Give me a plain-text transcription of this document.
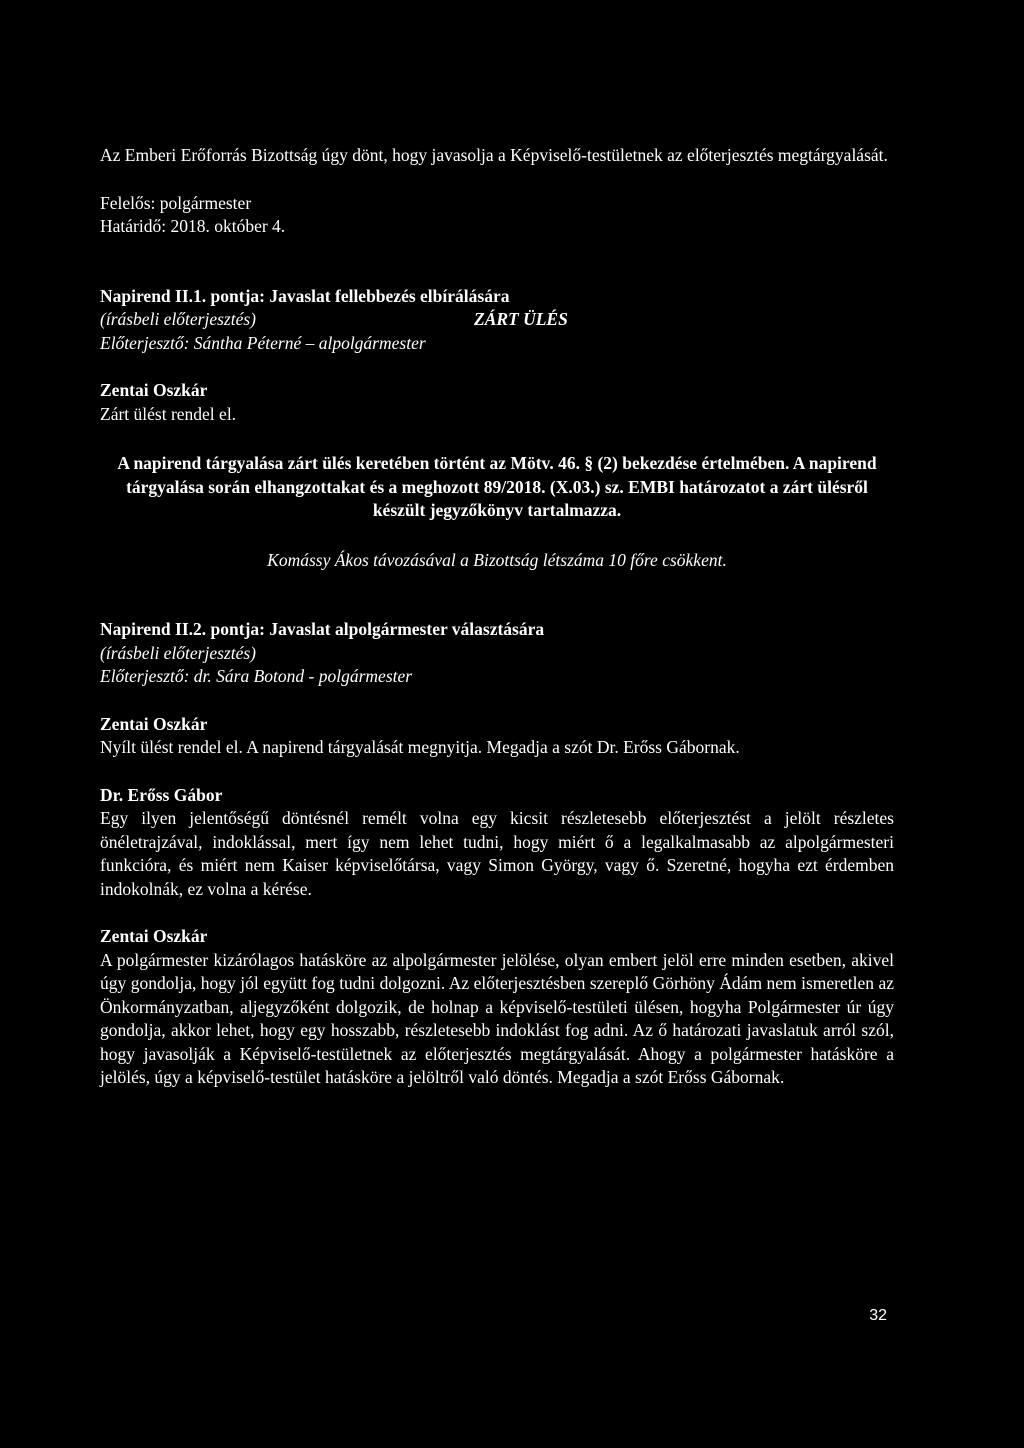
Az Emberi Erőforrás Bizottság úgy dönt, hogy javasolja a Képviselő-testületnek az előterjesztés megtárgyalását.

Felelős: polgármester

Határidő: 2018. október 4.

Napirend II.1. pontja: Javaslat fellebbezés elbírálására

(írásbeli előterjesztés)	ZÁRT ÜLÉS

Előterjesztő: Sántha Péterné – alpolgármester

Zentai Oszkár

Zárt ülést rendel el.

A napirend tárgyalása zárt ülés keretében történt az Mötv. 46. § (2) bekezdése értelmében. A napirend tárgyalása során elhangzottakat és a meghozott 89/2018. (X.03.) sz. EMBI határozatot a zárt ülésről készült jegyzőkönyv tartalmazza.

Komássy Ákos távozásával a Bizottság létszáma 10 főre csökkent.

Napirend II.2. pontja: Javaslat alpolgármester választására

(írásbeli előterjesztés)

Előterjesztő: dr. Sára Botond - polgármester

Zentai Oszkár

Nyílt ülést rendel el. A napirend tárgyalását megnyitja. Megadja a szót Dr. Erőss Gábornak.

Dr. Erőss Gábor

Egy ilyen jelentőségű döntésnél remélt volna egy kicsit részletesebb előterjesztést a jelölt részletes önéletrajzával, indoklással, mert így nem lehet tudni, hogy miért ő a legalkalmasabb az alpolgármesteri funkcióra, és miért nem Kaiser képviselőtársa, vagy Simon György, vagy ő. Szeretné, hogyha ezt érdemben indokolnák, ez volna a kérése.

Zentai Oszkár

A polgármester kizárólagos hatásköre az alpolgármester jelölése, olyan embert jelöl erre minden esetben, akivel úgy gondolja, hogy jól együtt fog tudni dolgozni. Az előterjesztésben szereplő Görhöny Ádám nem ismeretlen az Önkormányzatban, aljegyzőként dolgozik, de holnap a képviselő-testületi ülésen, hogyha Polgármester úr úgy gondolja, akkor lehet, hogy egy hosszabb, részletesebb indoklást fog adni. Az ő határozati javaslatuk arról szól, hogy javasolják a Képviselő-testületnek az előterjesztés megtárgyalását. Ahogy a polgármester hatásköre a jelölés, úgy a képviselő-testület hatásköre a jelöltről való döntés. Megadja a szót Erőss Gábornak.

32
